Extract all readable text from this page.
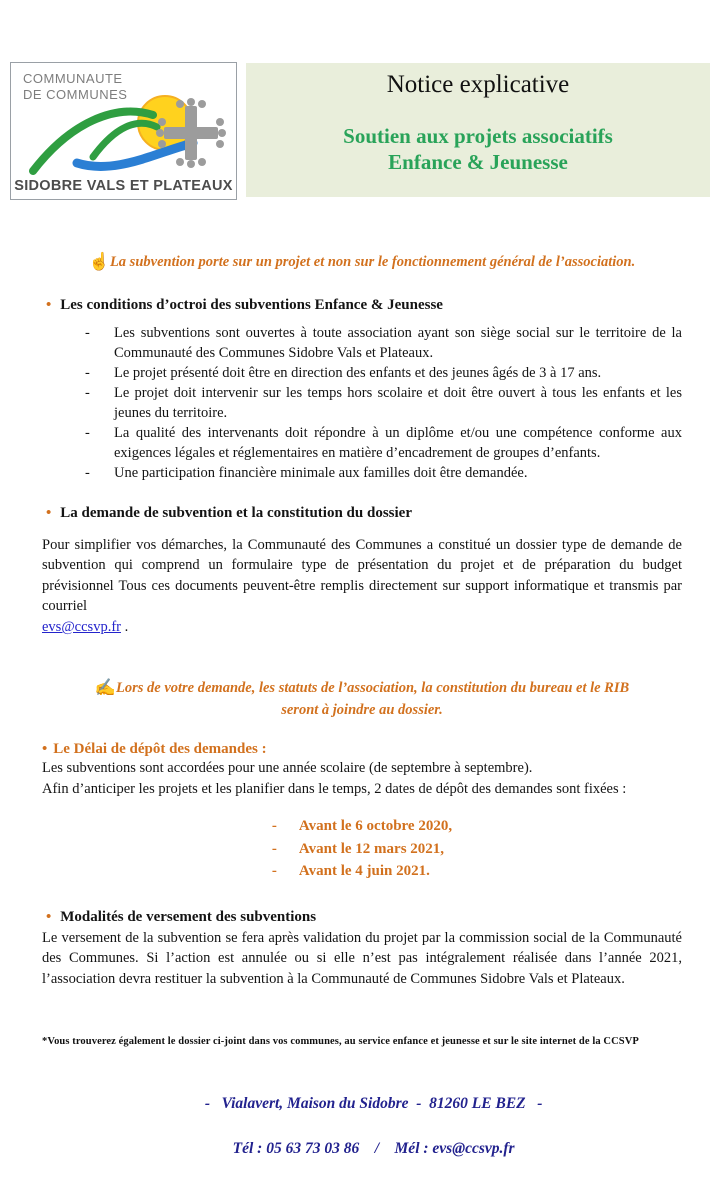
COMMUNAUTE
DE COMMUNES
SIDOBRE VALS ET PLATEAUX
Notice explicative
Soutien aux projets associatifs
Enfance & Jeunesse
☝La subvention porte sur un projet et non sur le fonctionnement général de l’association.
• Les conditions d’octroi des subventions Enfance & Jeunesse
-	Les subventions sont ouvertes à toute association ayant son siège social sur le territoire de la Communauté des Communes Sidobre Vals et Plateaux.
-	Le projet présenté doit être en direction des enfants et des jeunes âgés de 3 à 17 ans.
-	Le projet doit intervenir sur les temps hors scolaire et doit être ouvert à tous les enfants et les jeunes du territoire.
-	La qualité des intervenants doit répondre à un diplôme et/ou une compétence conforme aux exigences légales et réglementaires en matière d’encadrement de groupes d’enfants.
-	Une participation financière minimale aux familles doit être demandée.
• La demande de subvention et la constitution du dossier

Pour simplifier vos démarches, la Communauté des Communes a constitué un dossier type de demande de subvention qui comprend un formulaire type de présentation du projet et de préparation du budget prévisionnel Tous ces documents peuvent-être remplis directement sur support informatique et transmis par courriel
evs@ccsvp.fr .

✍Lors de votre demande, les statuts de l’association, la constitution du bureau et le RIB
seront à joindre au dossier.
• Le Délai de dépôt des demandes :
Les subventions sont accordées pour une année scolaire (de septembre à septembre).
Afin d’anticiper les projets et les planifier dans le temps, 2 dates de dépôt des demandes sont fixées :
- Avant le 6 octobre 2020,
- Avant le 12 mars 2021,
- Avant le 4 juin 2021.
• Modalités de versement des subventions

Le versement de la subvention se fera après validation du projet par la commission social de la Communauté des Communes. Si l’action est annulée ou si elle n’est pas intégralement réalisée dans l’année 2021, l’association devra restituer la subvention à la Communauté de Communes Sidobre Vals et Plateaux.

*Vous trouverez également le dossier ci-joint dans vos communes, au service enfance et jeunesse et sur le site internet de la CCSVP

-   Vialavert, Maison du Sidobre  -  81260 LE BEZ   -

Tél : 05 63 73 03 86    /    Mél : evs@ccsvp.fr
